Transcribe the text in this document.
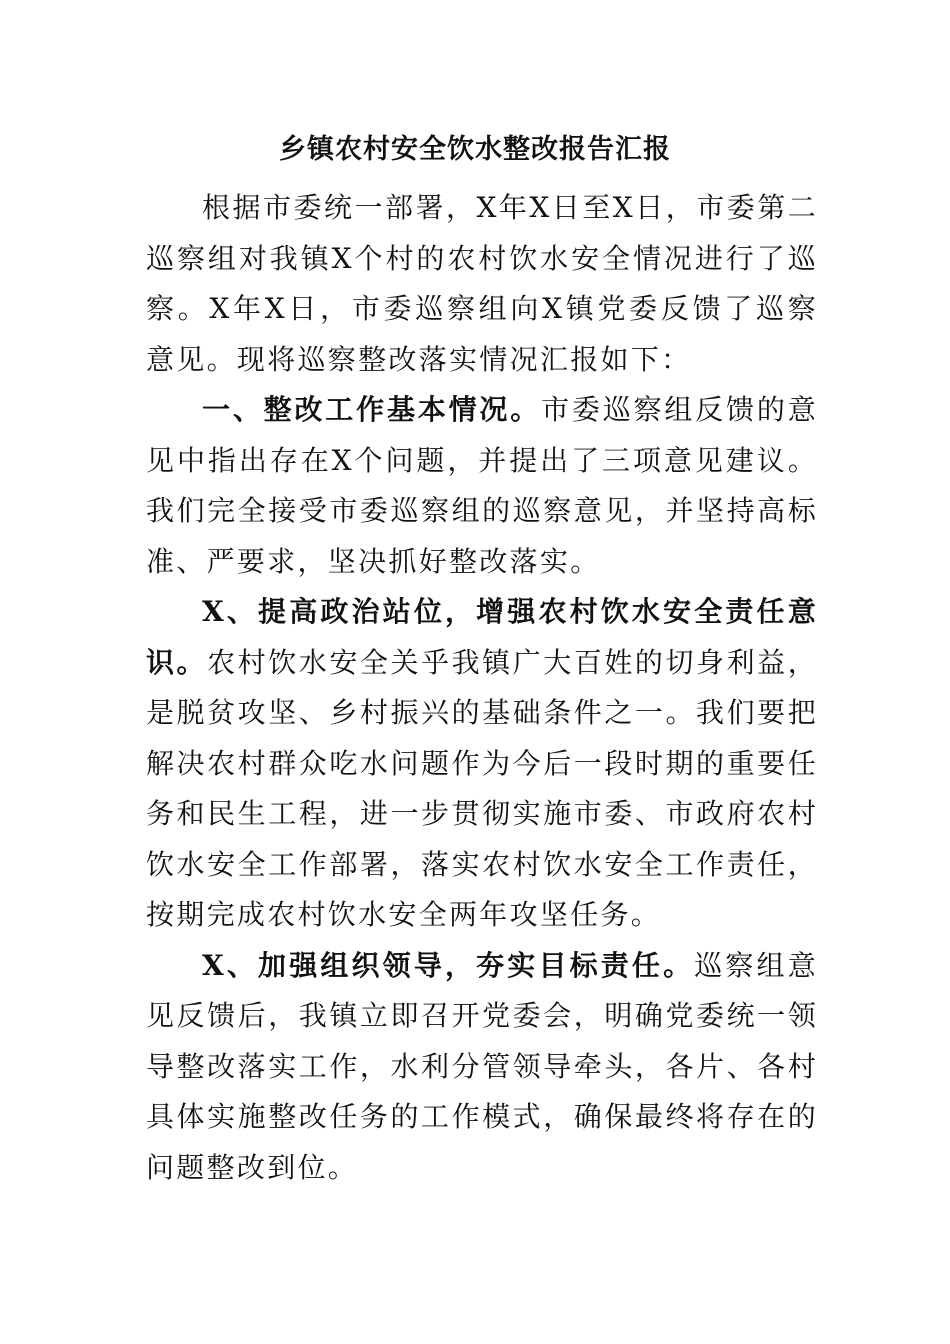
乡镇农村安全饮水整改报告汇报

根据市委统一部署，X年X日至X日，市委第二巡察组对我镇X个村的农村饮水安全情况进行了巡察。X年X日，市委巡察组向X镇党委反馈了巡察意见。现将巡察整改落实情况汇报如下：

一、整改工作基本情况。市委巡察组反馈的意见中指出存在X个问题，并提出了三项意见建议。我们完全接受市委巡察组的巡察意见，并坚持高标准、严要求，坚决抓好整改落实。

X、提高政治站位，增强农村饮水安全责任意识。农村饮水安全关乎我镇广大百姓的切身利益，是脱贫攻坚、乡村振兴的基础条件之一。我们要把解决农村群众吃水问题作为今后一段时期的重要任务和民生工程，进一步贯彻实施市委、市政府农村饮水安全工作部署，落实农村饮水安全工作责任，按期完成农村饮水安全两年攻坚任务。

X、加强组织领导，夯实目标责任。巡察组意见反馈后，我镇立即召开党委会，明确党委统一领导整改落实工作，水利分管领导牵头，各片、各村具体实施整改任务的工作模式，确保最终将存在的问题整改到位。
